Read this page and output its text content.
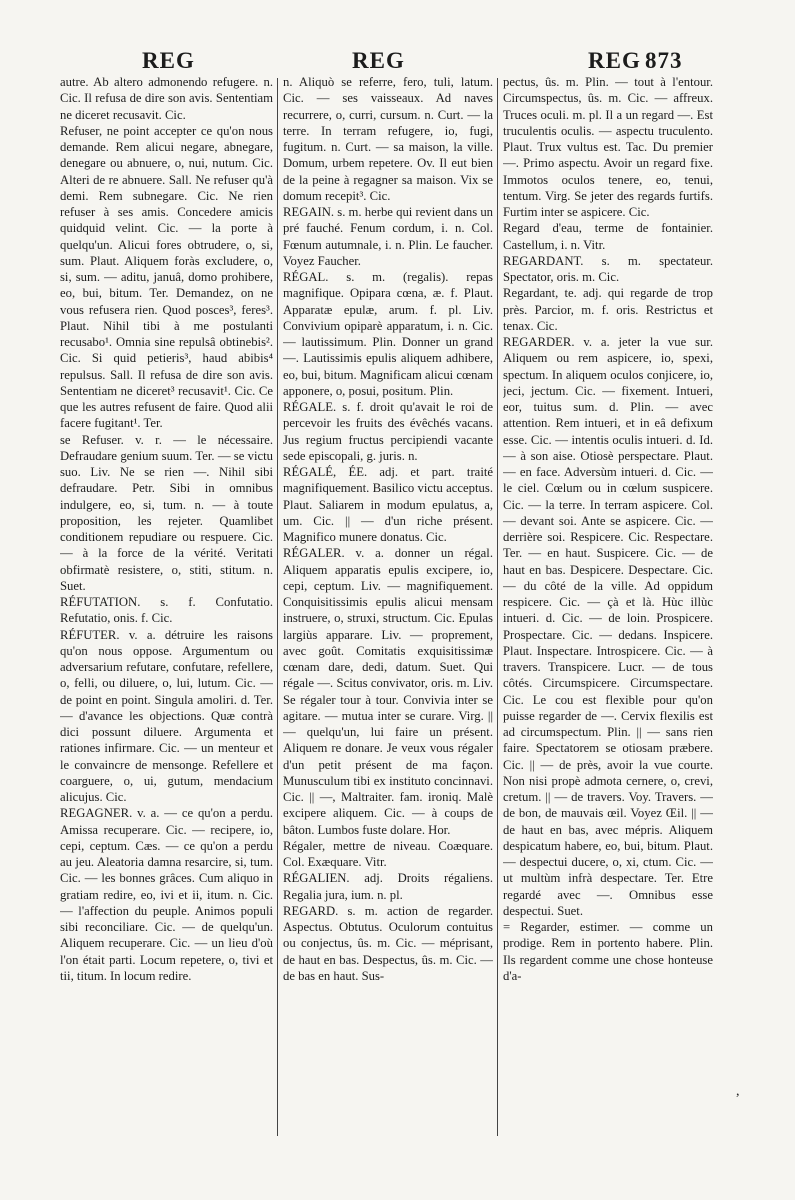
REG	REG	REG 873

autre. Ab altero admonendo refugere. n. Cic. Il refusa de dire son avis. Sententiam ne diceret recusavit. Cic.

Refuser, ne point accepter ce qu'on nous demande. Rem alicui negare, abnegare, denegare ou abnuere, o, nui, nutum. Cic. Alteri de re abnuere. Sall. Ne refuser qu'à demi. Rem subnegare. Cic. Ne rien refuser à ses amis. Concedere amicis quidquid velint. Cic. — la porte à quelqu'un. Alicui fores obtrudere, o, si, sum. Plaut. Aliquem foràs excludere, o, si, sum. — aditu, januâ, domo prohibere, eo, bui, bitum. Ter. Demandez, on ne vous refusera rien. Quod posces³, feres³. Plaut. Nihil tibi à me postulanti recusabo¹. Omnia sine repulsâ obtinebis². Cic. Si quid petieris³, haud abibis⁴ repulsus. Sall. Il refusa de dire son avis. Sententiam ne diceret³ recusavit¹. Cic. Ce que les autres refusent de faire. Quod alii facere fugitant¹. Ter.

se Refuser. v. r. — le nécessaire. Defraudare genium suum. Ter. — se victu suo. Liv. Ne se rien —. Nihil sibi defraudare. Petr. Sibi in omnibus indulgere, eo, si, tum. n. — à toute proposition, les rejeter. Quamlibet conditionem repudiare ou respuere. Cic. — à la force de la vérité. Veritati obfirmatè resistere, o, stiti, stitum. n. Suet.

RÉFUTATION. s. f. Confutatio. Refutatio, onis. f. Cic.

RÉFUTER. v. a. détruire les raisons qu'on nous oppose. Argumentum ou adversarium refutare, confutare, refellere, o, felli, ou diluere, o, lui, lutum. Cic. — de point en point. Singula amoliri. d. Ter. — d'avance les objections. Quæ contrà dici possunt diluere. Argumenta et rationes infirmare. Cic. — un menteur et le convaincre de mensonge. Refellere et coarguere, o, ui, gutum, mendacium alicujus. Cic.

REGAGNER. v. a. — ce qu'on a perdu. Amissa recuperare. Cic. — recipere, io, cepi, ceptum. Cæs. — ce qu'on a perdu au jeu. Aleatoria damna resarcire, si, tum. Cic. — les bonnes grâces. Cum aliquo in gratiam redire, eo, ivi et ii, itum. n. Cic. — l'affection du peuple. Animos populi sibi reconciliare. Cic. — de quelqu'un. Aliquem recuperare. Cic. — un lieu d'où l'on était parti. Locum repetere, o, tivi et tii, titum. In locum redire.

n. Aliquò se referre, fero, tuli, latum. Cic. — ses vaisseaux. Ad naves recurrere, o, curri, cursum. n. Curt. — la terre. In terram refugere, io, fugi, fugitum. n. Curt. — sa maison, la ville. Domum, urbem repetere. Ov. Il eut bien de la peine à regagner sa maison. Vix se domum recepit³. Cic.

REGAIN. s. m. herbe qui revient dans un pré fauché. Fenum cordum, i. n. Col. Fœnum autumnale, i. n. Plin. Le faucher. Voyez Faucher.

RÉGAL. s. m. (regalis). repas magnifique. Opipara cœna, æ. f. Plaut. Apparatæ epulæ, arum. f. pl. Liv. Convivium opiparè apparatum, i. n. Cic. — lautissimum. Plin. Donner un grand —. Lautissimis epulis aliquem adhibere, eo, bui, bitum. Magnificam alicui cœnam apponere, o, posui, positum. Plin.

RÉGALE. s. f. droit qu'avait le roi de percevoir les fruits des évêchés vacans. Jus regium fructus percipiendi vacante sede episcopali, g. juris. n.

RÉGALÉ, ÉE. adj. et part. traité magnifiquement. Basilico victu acceptus. Plaut. Saliarem in modum epulatus, a, um. Cic. || — d'un riche présent. Magnifico munere donatus. Cic.

RÉGALER. v. a. donner un régal. Aliquem apparatis epulis excipere, io, cepi, ceptum. Liv. — magnifiquement. Conquisitissimis epulis alicui mensam instruere, o, struxi, structum. Cic. Epulas largiùs apparare. Liv. — proprement, avec goût. Comitatis exquisitissimæ cœnam dare, dedi, datum. Suet. Qui régale —. Scitus convivator, oris. m. Liv. Se régaler tour à tour. Convivia inter se agitare. — mutua inter se curare. Virg. || — quelqu'un, lui faire un présent. Aliquem re donare. Je veux vous régaler d'un petit présent de ma façon. Munusculum tibi ex instituto concinnavi. Cic. || —, Maltraiter. fam. ironiq. Malè excipere aliquem. Cic. — à coups de bâton. Lumbos fuste dolare. Hor.

Régaler, mettre de niveau. Coæquare. Col. Exæquare. Vitr.

RÉGALIEN. adj. Droits régaliens. Regalia jura, ium. n. pl.

REGARD. s. m. action de regarder. Aspectus. Obtutus. Oculorum contuitus ou conjectus, ûs. m. Cic. — méprisant, de haut en bas. Despectus, ûs. m. Cic. — de bas en haut. Sus-

pectus, ûs. m. Plin. — tout à l'entour. Circumspectus, ûs. m. Cic. — affreux. Truces oculi. m. pl. Il a un regard —. Est truculentis oculis. — aspectu truculento. Plaut. Trux vultus est. Tac. Du premier —. Primo aspectu. Avoir un regard fixe. Immotos oculos tenere, eo, tenui, tentum. Virg. Se jeter des regards furtifs. Furtim inter se aspicere. Cic.

Regard d'eau, terme de fontainier. Castellum, i. n. Vitr.

REGARDANT. s. m. spectateur. Spectator, oris. m. Cic.

Regardant, te. adj. qui regarde de trop près. Parcior, m. f. oris. Restrictus et tenax. Cic.

REGARDER. v. a. jeter la vue sur. Aliquem ou rem aspicere, io, spexi, spectum. In aliquem oculos conjicere, io, jeci, jectum. Cic. — fixement. Intueri, eor, tuitus sum. d. Plin. — avec attention. Rem intueri, et in eâ defixum esse. Cic. — intentis oculis intueri. d. Id. — à son aise. Otiosè perspectare. Plaut. — en face. Adversùm intueri. d. Cic. — le ciel. Cœlum ou in cœlum suspicere. Cic. — la terre. In terram aspicere. Col. — devant soi. Ante se aspicere. Cic. — derrière soi. Respicere. Cic. Respectare. Ter. — en haut. Suspicere. Cic. — de haut en bas. Despicere. Despectare. Cic. — du côté de la ville. Ad oppidum respicere. Cic. — çà et là. Hùc illùc intueri. d. Cic. — de loin. Prospicere. Prospectare. Cic. — dedans. Inspicere. Plaut. Inspectare. Introspicere. Cic. — à travers. Transpicere. Lucr. — de tous côtés. Circumspicere. Circumspectare. Cic. Le cou est flexible pour qu'on puisse regarder de —. Cervix flexilis est ad circumspectum. Plin. || — sans rien faire. Spectatorem se otiosam præbere. Cic. || — de près, avoir la vue courte. Non nisi propè admota cernere, o, crevi, cretum. || — de travers. Voy. Travers. — de bon, de mauvais œil. Voyez Œil. || — de haut en bas, avec mépris. Aliquem despicatum habere, eo, bui, bitum. Plaut. — despectui ducere, o, xi, ctum. Cic. — ut multùm infrà despectare. Ter. Etre regardé avec —. Omnibus esse despectui. Suet.

= Regarder, estimer. — comme un prodige. Rem in portento habere. Plin. Ils regardent comme une chose honteuse d'a-

,
